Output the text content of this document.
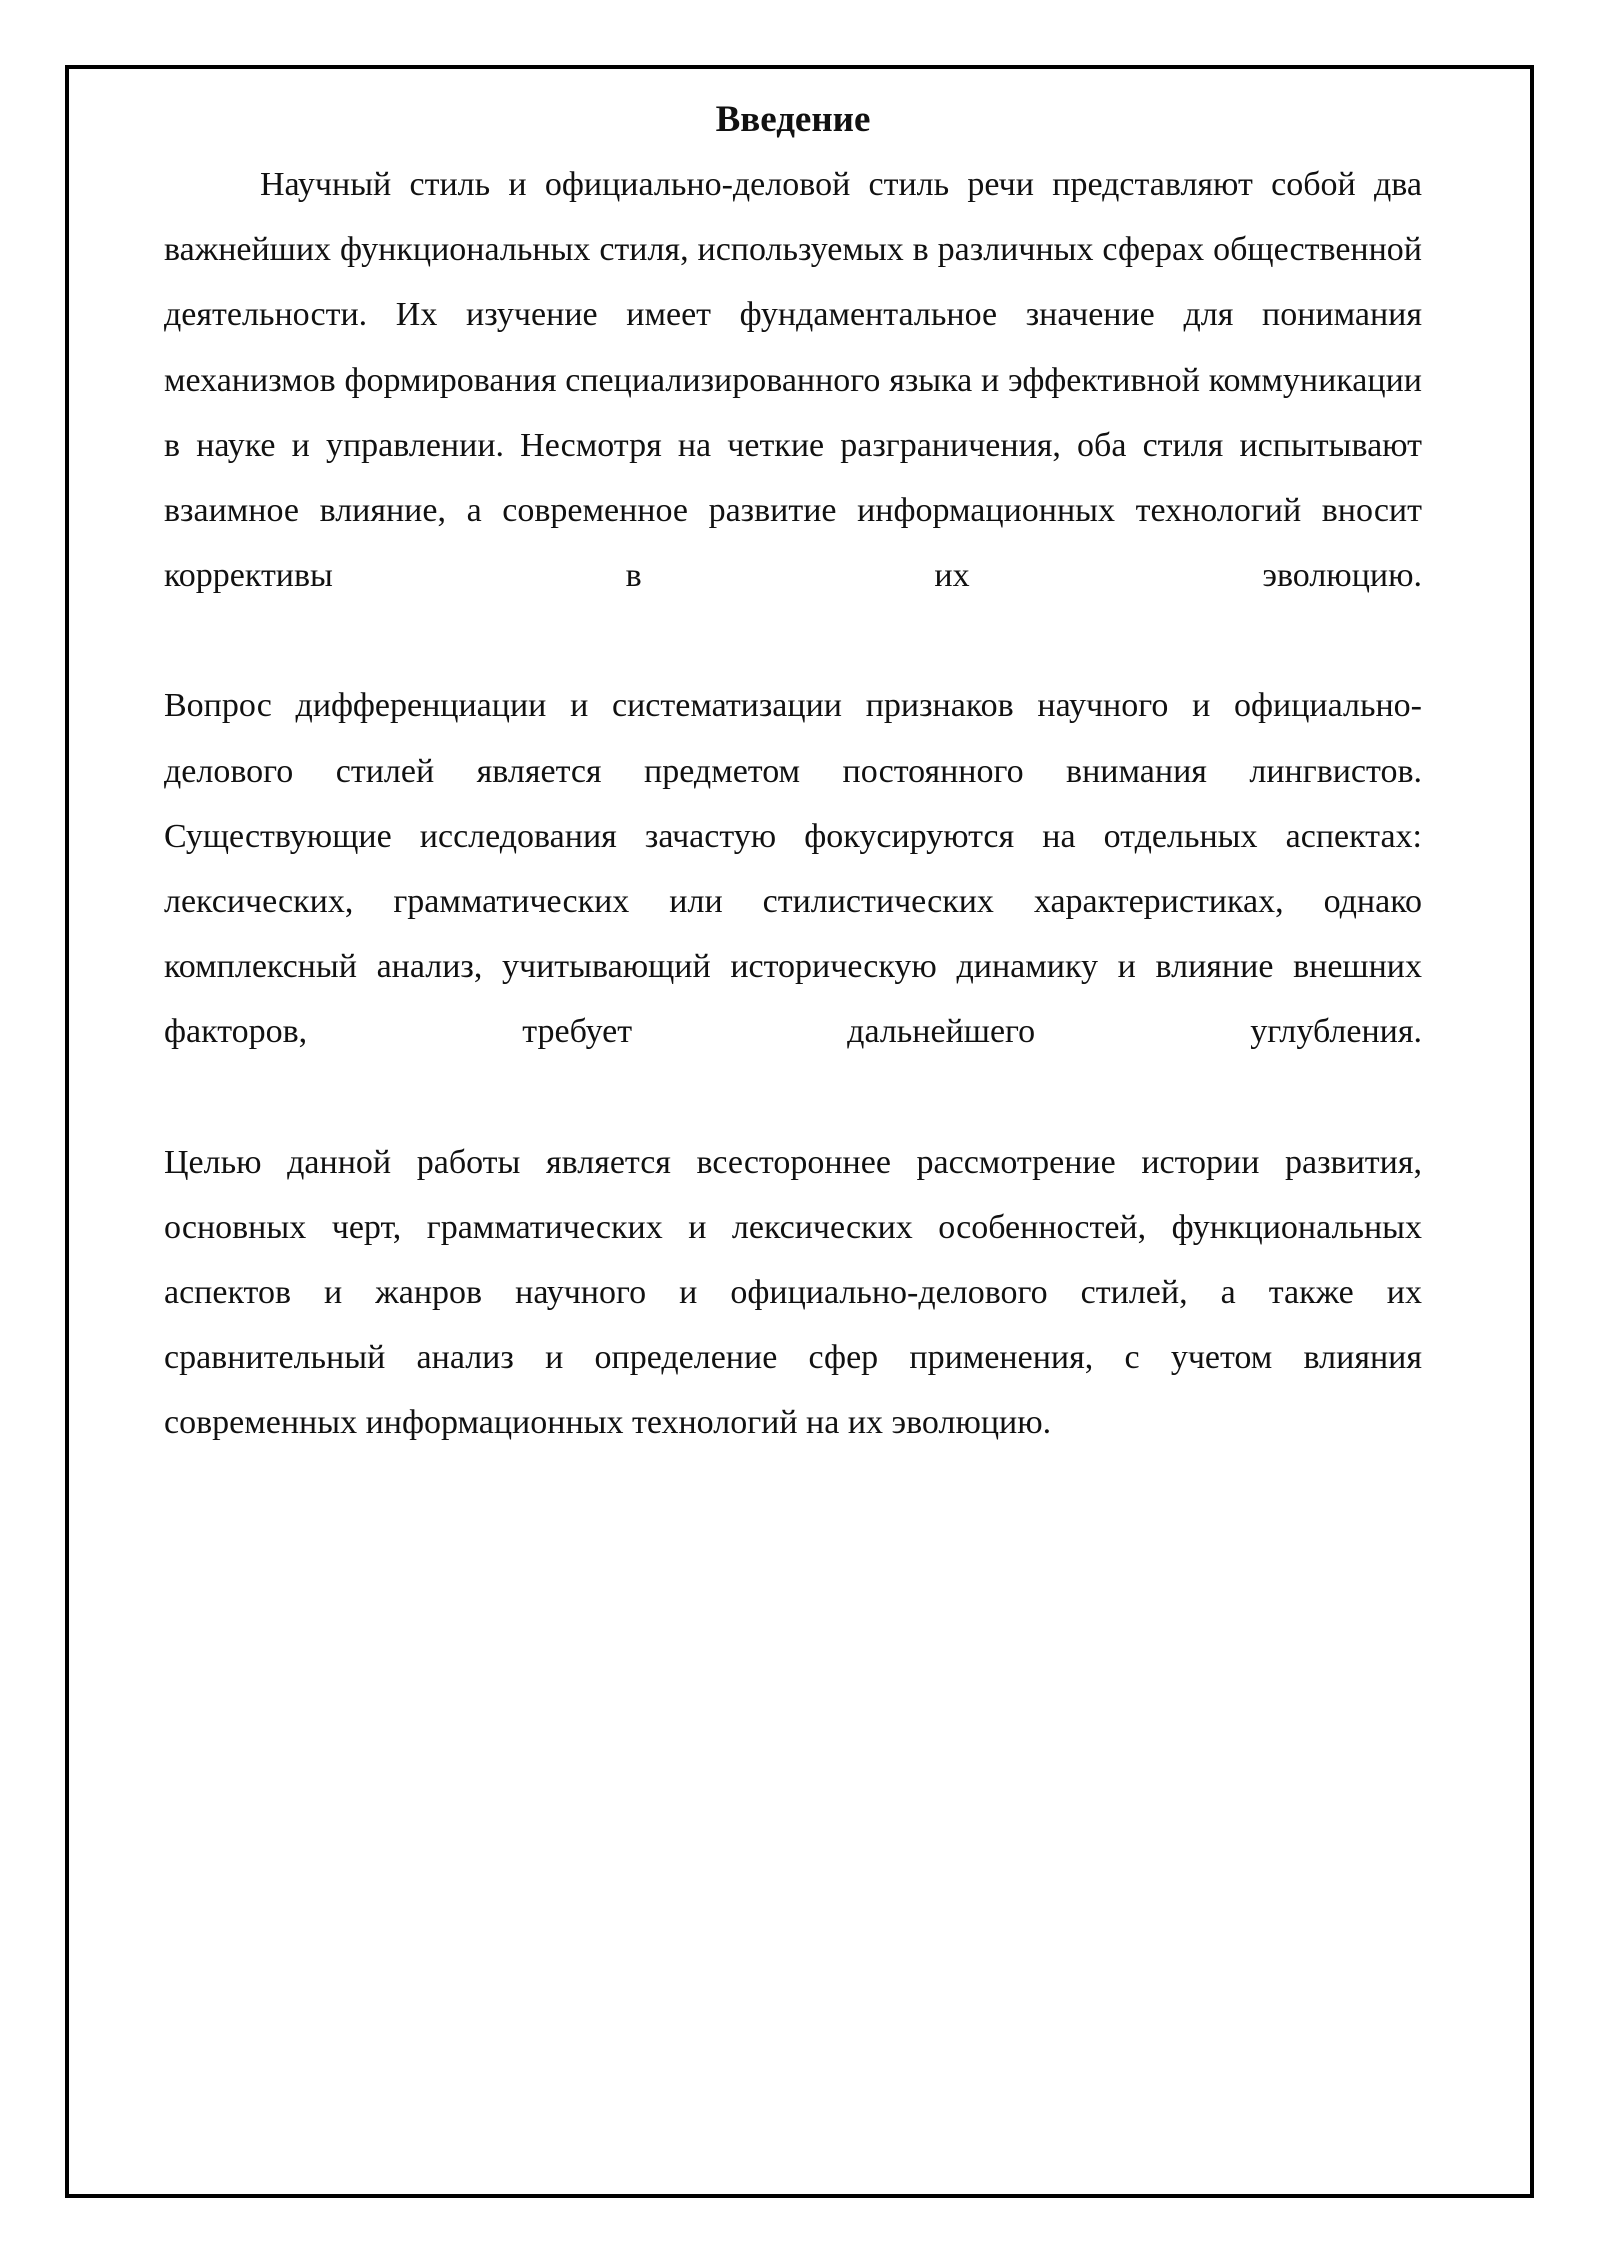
Введение

Научный стиль и официально-деловой стиль речи представляют собой два важнейших функциональных стиля, используемых в различных сферах общественной деятельности. Их изучение имеет фундаментальное значение для понимания механизмов формирования специализированного языка и эффективной коммуникации в науке и управлении. Несмотря на четкие разграничения, оба стиля испытывают взаимное влияние, а современное развитие информационных технологий вносит коррективы в их эволюцию.

Вопрос дифференциации и систематизации признаков научного и официально-делового стилей является предметом постоянного внимания лингвистов. Существующие исследования зачастую фокусируются на отдельных аспектах: лексических, грамматических или стилистических характеристиках, однако комплексный анализ, учитывающий историческую динамику и влияние внешних факторов, требует дальнейшего углубления.

Целью данной работы является всестороннее рассмотрение истории развития, основных черт, грамматических и лексических особенностей, функциональных аспектов и жанров научного и официально-делового стилей, а также их сравнительный анализ и определение сфер применения, с учетом влияния современных информационных технологий на их эволюцию.
